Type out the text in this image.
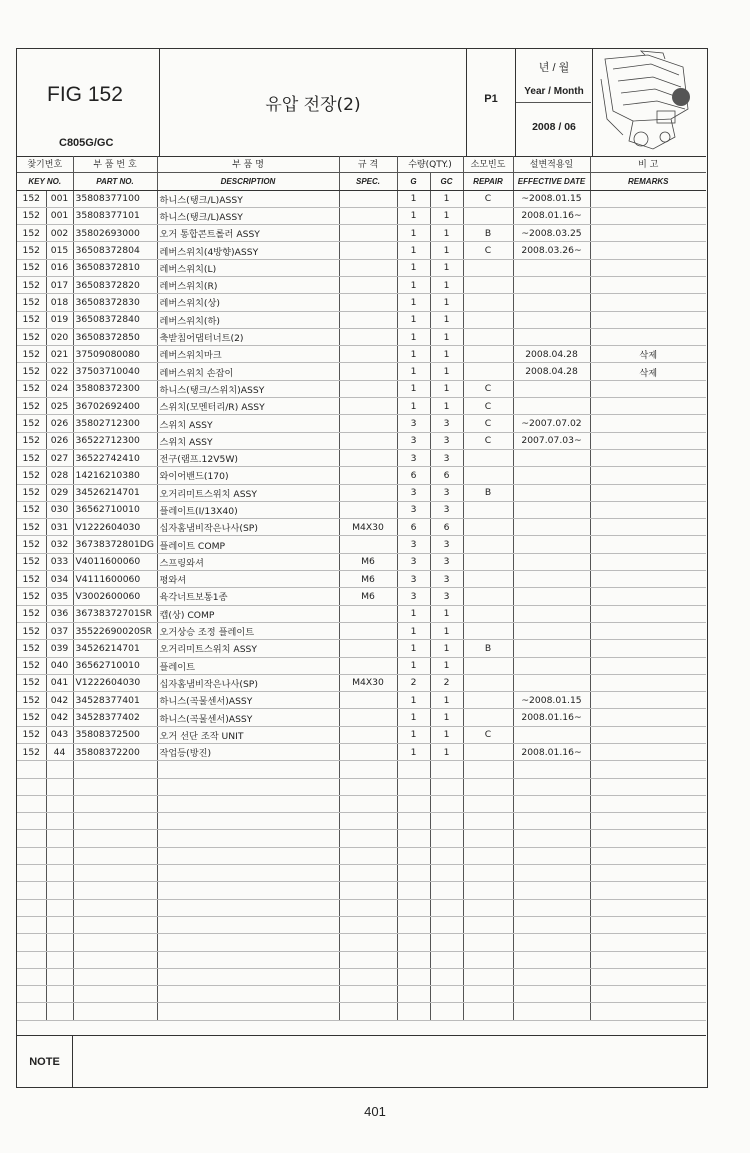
FIG 152
C805G/GC
유압 전장(2)	P1
년 / 월
Year / Month
2008 / 06
찾기번호		부 품 번 호	부 품 명	규 격	수량(QTY.)		소모빈도	설변적용일	비 고
KEY NO.		PART NO.	DESCRIPTION	SPEC.	G	GC	REPAIR	EFFECTIVE DATE	REMARKS
152	001	35808377100	하니스(탱크/L)ASSY		1	1	C	~2008.01.15	
152	001	35808377101	하니스(탱크/L)ASSY		1	1		2008.01.16~	
152	002	35802693000	오거 통합콘트롤러 ASSY		1	1	B	~2008.03.25	
152	015	36508372804	레버스위치(4방향)ASSY		1	1	C	2008.03.26~	
152	016	36508372810	레버스위치(L)		1	1			
152	017	36508372820	레버스위치(R)		1	1			
152	018	36508372830	레버스위치(상)		1	1			
152	019	36508372840	레버스위치(하)		1	1			
152	020	36508372850	축받침어댑터너트(2)		1	1			
152	021	37509080080	레버스위치마크		1	1		2008.04.28	삭제
152	022	37503710040	레버스위치 손잡이		1	1		2008.04.28	삭제
152	024	35808372300	하니스(탱크/스위치)ASSY		1	1	C		
152	025	36702692400	스위치(모멘터리/R) ASSY		1	1	C		
152	026	35802712300	스위치 ASSY		3	3	C	~2007.07.02	
152	026	36522712300	스위치 ASSY		3	3	C	2007.07.03~	
152	027	36522742410	전구(램프.12V5W)		3	3			
152	028	14216210380	와이어밴드(170)		6	6			
152	029	34526214701	오거리미트스위치 ASSY		3	3	B		
152	030	36562710010	플레이트(I/13X40)		3	3			
152	031	V1222604030	십자홈냄비작은나사(SP)	M4X30	6	6			
152	032	36738372801DG	플레이트 COMP		3	3			
152	033	V4011600060	스프링와셔	M6	3	3			
152	034	V4111600060	평와셔	M6	3	3			
152	035	V3002600060	육각너트보통1종	M6	3	3			
152	036	36738372701SR	캡(상) COMP		1	1			
152	037	35522690020SR	오거상승 조정 플레이트		1	1			
152	039	34526214701	오거리미트스위치 ASSY		1	1	B		
152	040	36562710010	플레이트		1	1			
152	041	V1222604030	십자홈냄비작은나사(SP)	M4X30	2	2			
152	042	34528377401	하니스(곡물센서)ASSY		1	1		~2008.01.15	
152	042	34528377402	하니스(곡물센서)ASSY		1	1		2008.01.16~	
152	043	35808372500	오거 선단 조작 UNIT		1	1	C		
152	44	35808372200	작업등(방진)		1	1		2008.01.16~	

NOTE
401
